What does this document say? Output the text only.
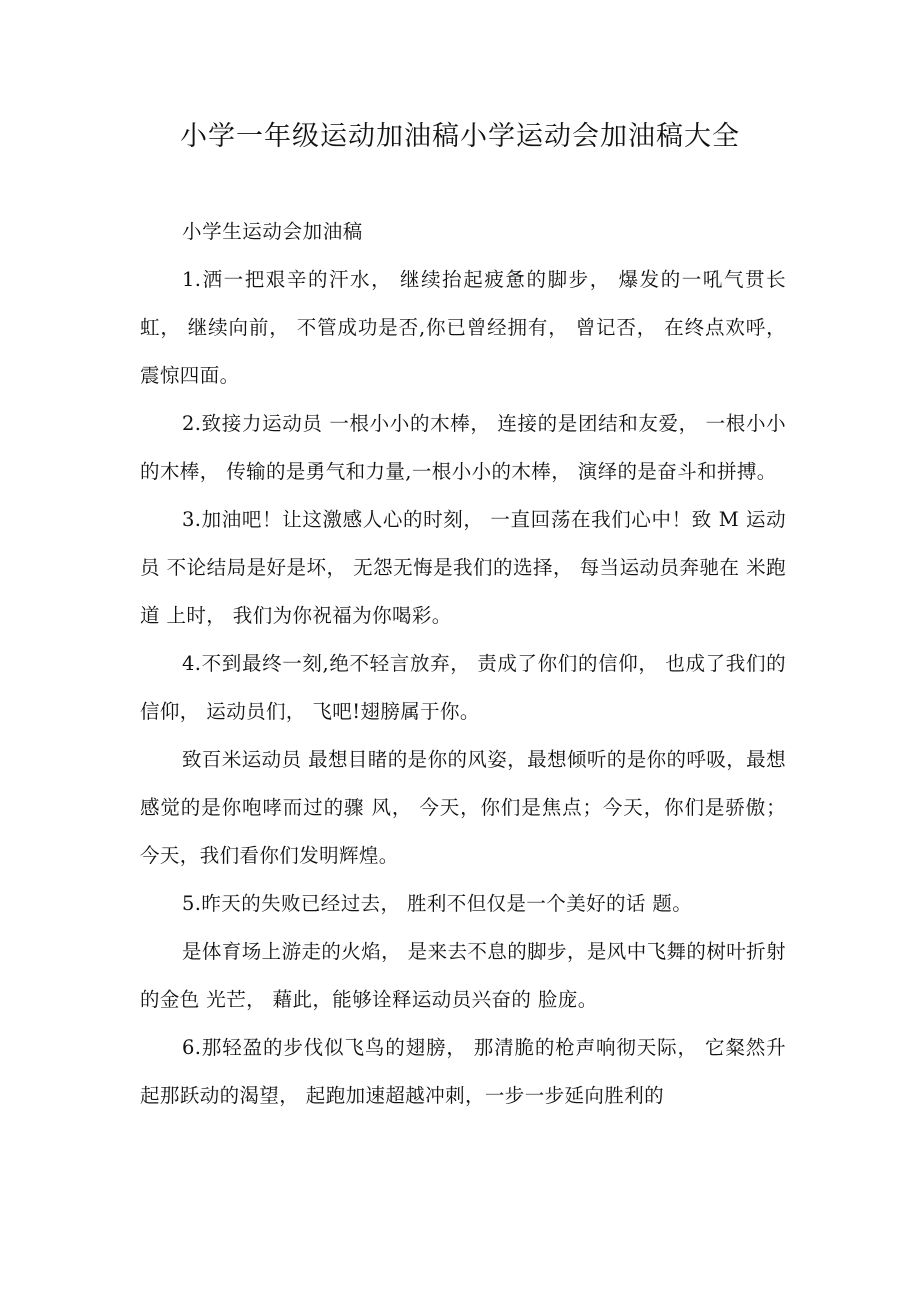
小学一年级运动加油稿小学运动会加油稿大全

小学生运动会加油稿

1.洒一把艰辛的汗水， 继续抬起疲惫的脚步， 爆发的一吼气贯长虹， 继续向前， 不管成功是否,你已曾经拥有， 曾记否， 在终点欢呼， 震惊四面。

2.致接力运动员 一根小小的木棒， 连接的是团结和友爱， 一根小小的木棒， 传输的是勇气和力量,一根小小的木棒， 演绎的是奋斗和拼搏。

3.加油吧！让这激感人心的时刻， 一直回荡在我们心中！致 M 运动员 不论结局是好是坏， 无怨无悔是我们的选择， 每当运动员奔驰在 米跑道 上时， 我们为你祝福为你喝彩。

4.不到最终一刻,绝不轻言放弃， 责成了你们的信仰， 也成了我们的信仰， 运动员们， 飞吧!翅膀属于你。

致百米运动员 最想目睹的是你的风姿，最想倾听的是你的呼吸，最想感觉的是你咆哮而过的骤 风， 今天，你们是焦点；今天，你们是骄傲；今天，我们看你们发明辉煌。

5.昨天的失败已经过去， 胜利不但仅是一个美好的话 题。

是体育场上游走的火焰， 是来去不息的脚步，是风中飞舞的树叶折射的金色 光芒， 藉此，能够诠释运动员兴奋的 脸庞。

6.那轻盈的步伐似飞鸟的翅膀， 那清脆的枪声响彻天际， 它粲然升起那跃动的渴望， 起跑加速超越冲刺，一步一步延向胜利的
